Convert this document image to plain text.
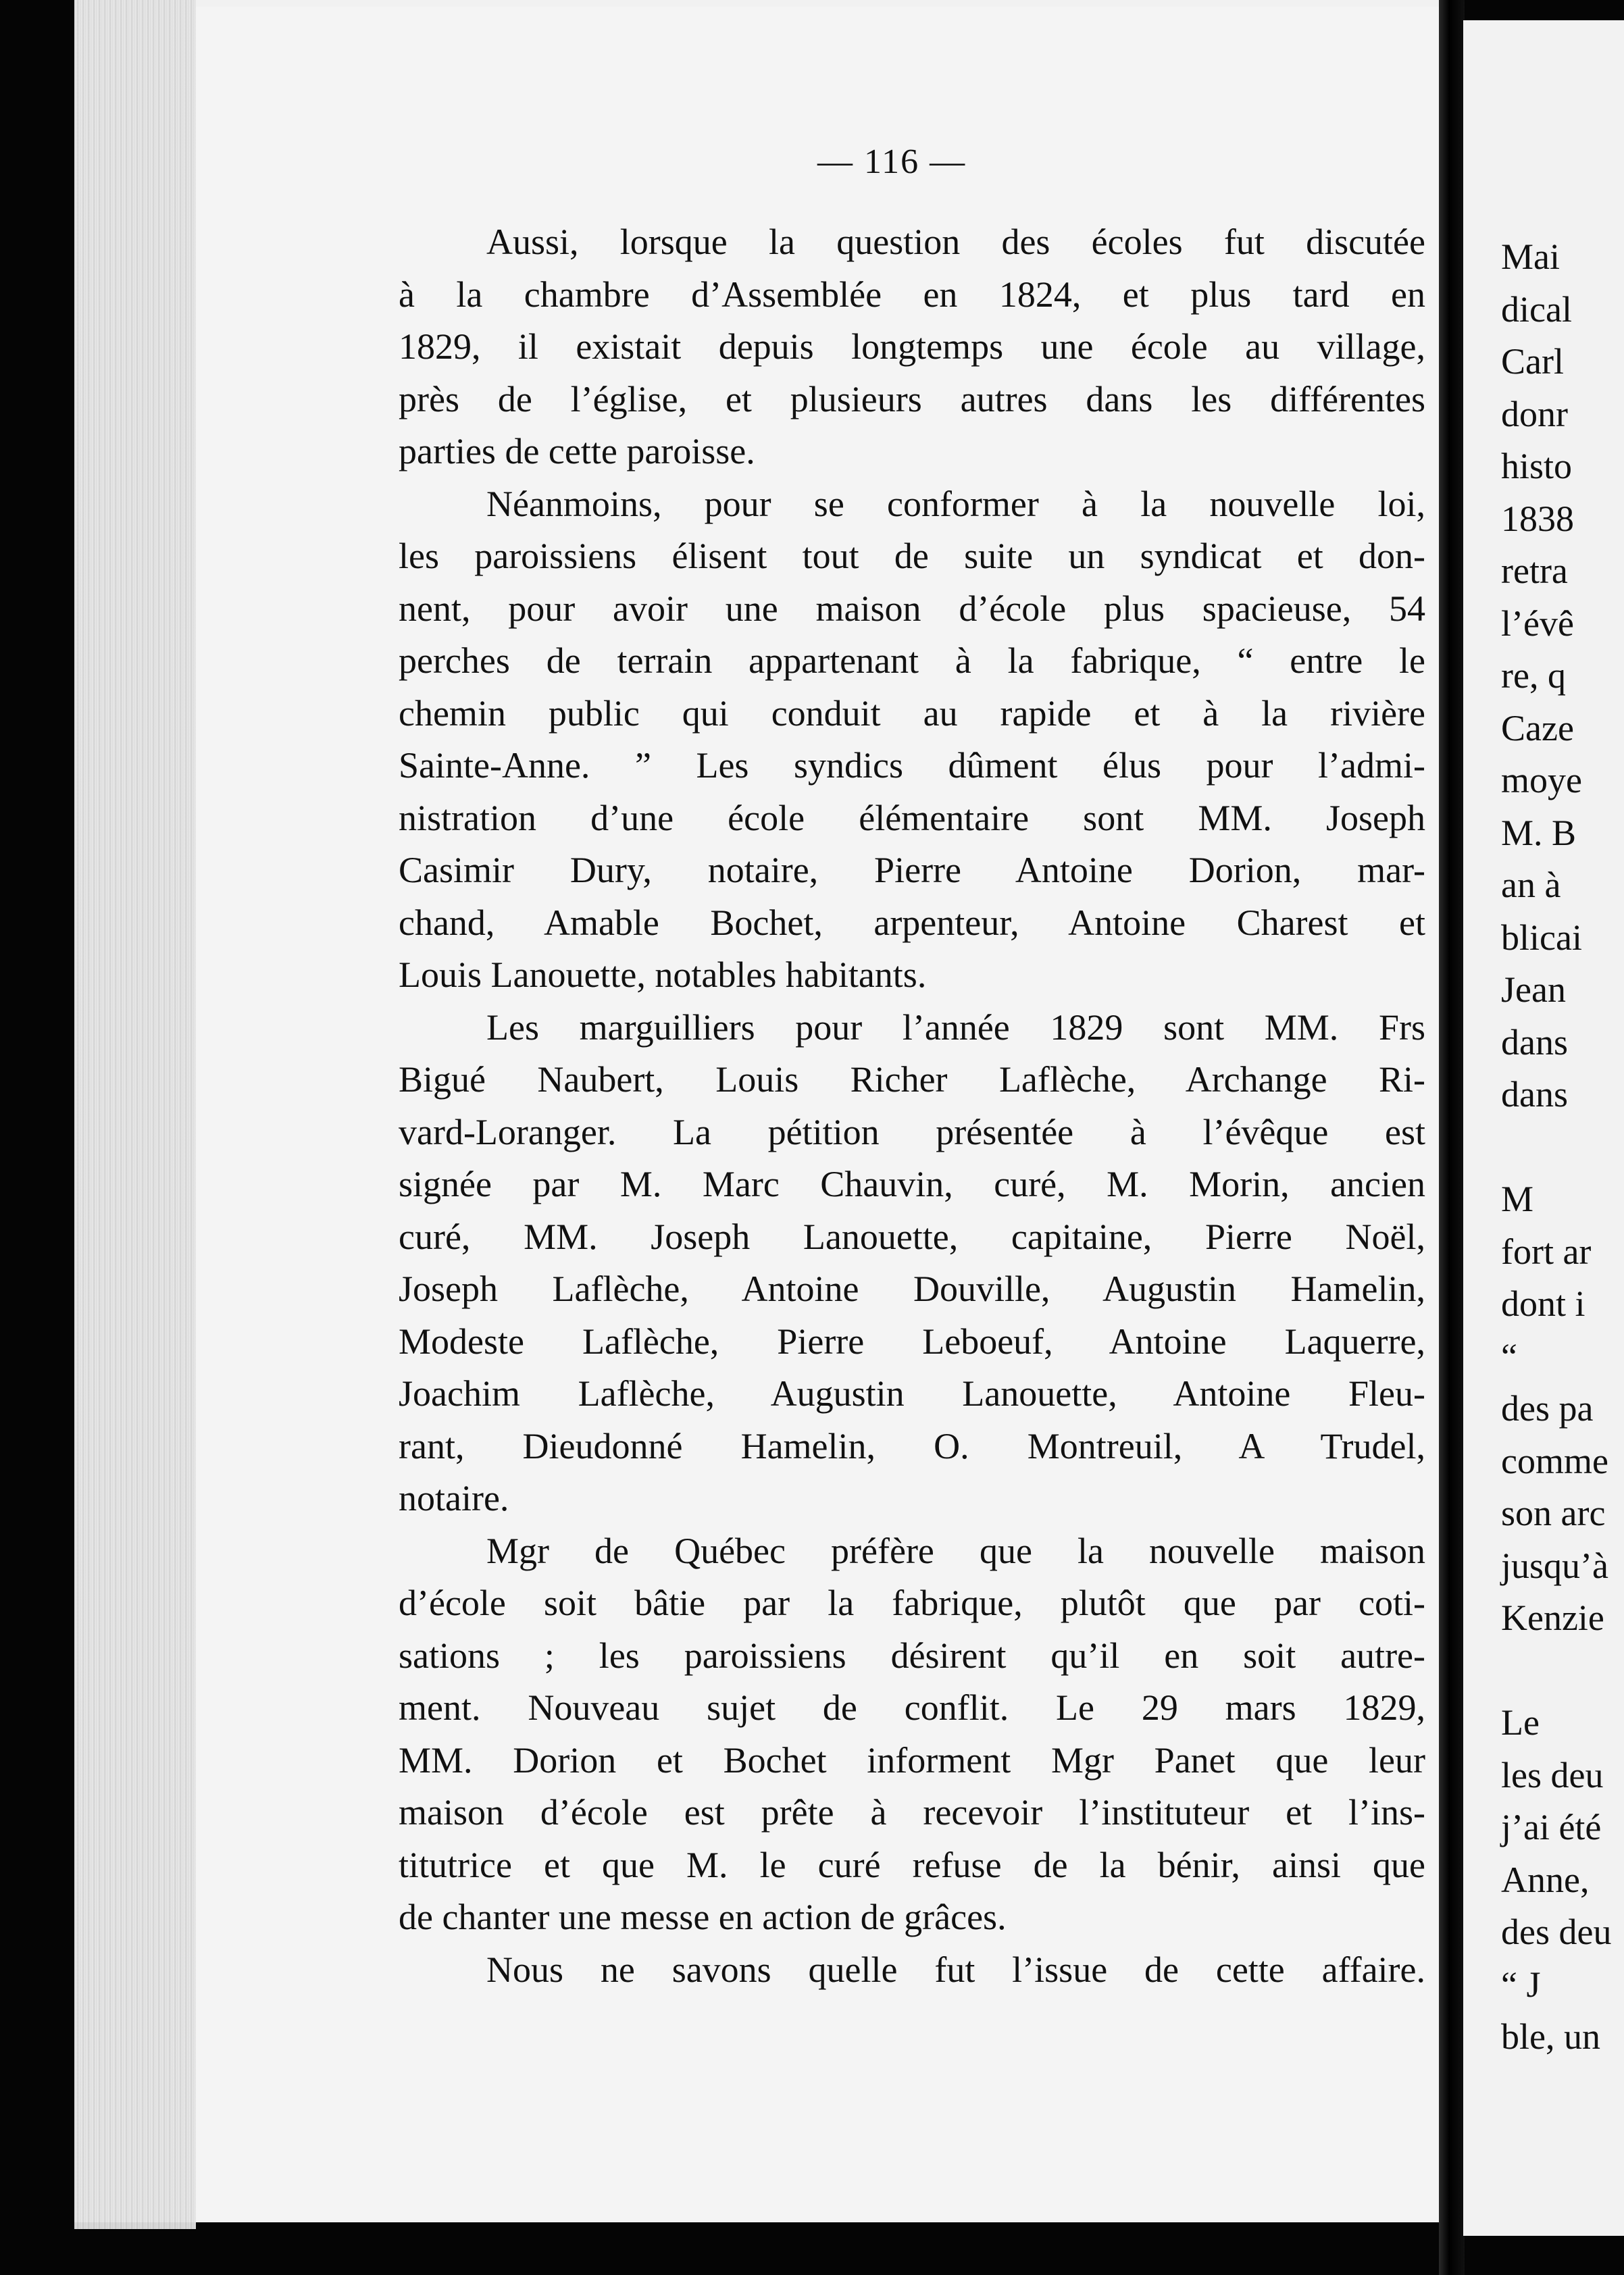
— 116 —
Aussi, lorsque la question des écoles fut discutée
à la chambre d’Assemblée en 1824, et plus tard en
1829, il existait depuis longtemps une école au village,
près de l’église, et plusieurs autres dans les différentes
parties de cette paroisse.
Néanmoins, pour se conformer à la nouvelle loi,
les paroissiens élisent tout de suite un syndicat et don-
nent, pour avoir une maison d’école plus spacieuse, 54
perches de terrain appartenant à la fabrique, “ entre le
chemin public qui conduit au rapide et à la rivière
Sainte-Anne. ” Les syndics dûment élus pour l’admi-
nistration d’une école élémentaire sont MM. Joseph
Casimir Dury, notaire, Pierre Antoine Dorion, mar-
chand, Amable Bochet, arpenteur, Antoine Charest et
Louis Lanouette, notables habitants.
Les marguilliers pour l’année 1829 sont MM. Frs
Bigué Naubert, Louis Richer Laflèche, Archange Ri-
vard-Loranger. La pétition présentée à l’évêque est
signée par M. Marc Chauvin, curé, M. Morin, ancien
curé, MM. Joseph Lanouette, capitaine, Pierre Noël,
Joseph Laflèche, Antoine Douville, Augustin Hamelin,
Modeste Laflèche, Pierre Leboeuf, Antoine Laquerre,
Joachim Laflèche, Augustin Lanouette, Antoine Fleu-
rant, Dieudonné Hamelin, O. Montreuil, A Trudel,
notaire.
Mgr de Québec préfère que la nouvelle maison
d’école soit bâtie par la fabrique, plutôt que par coti-
sations ; les paroissiens désirent qu’il en soit autre-
ment. Nouveau sujet de conflit. Le 29 mars 1829,
MM. Dorion et Bochet informent Mgr Panet que leur
maison d’école est prête à recevoir l’instituteur et l’ins-
titutrice et que M. le curé refuse de la bénir, ainsi que
de chanter une messe en action de grâces.
Nous ne savons quelle fut l’issue de cette affaire.
Mai
dical
Carl
donr
histo
1838
retra
l’évê
re, q
Caze
moye
M. B
an à
blicai
Jean
dans
dans
M
fort ar
dont i
“
des pa
comme
son arc
jusqu’à
Kenzie
Le
les deu
j’ai été
Anne,
des deu
“ J
ble, un
